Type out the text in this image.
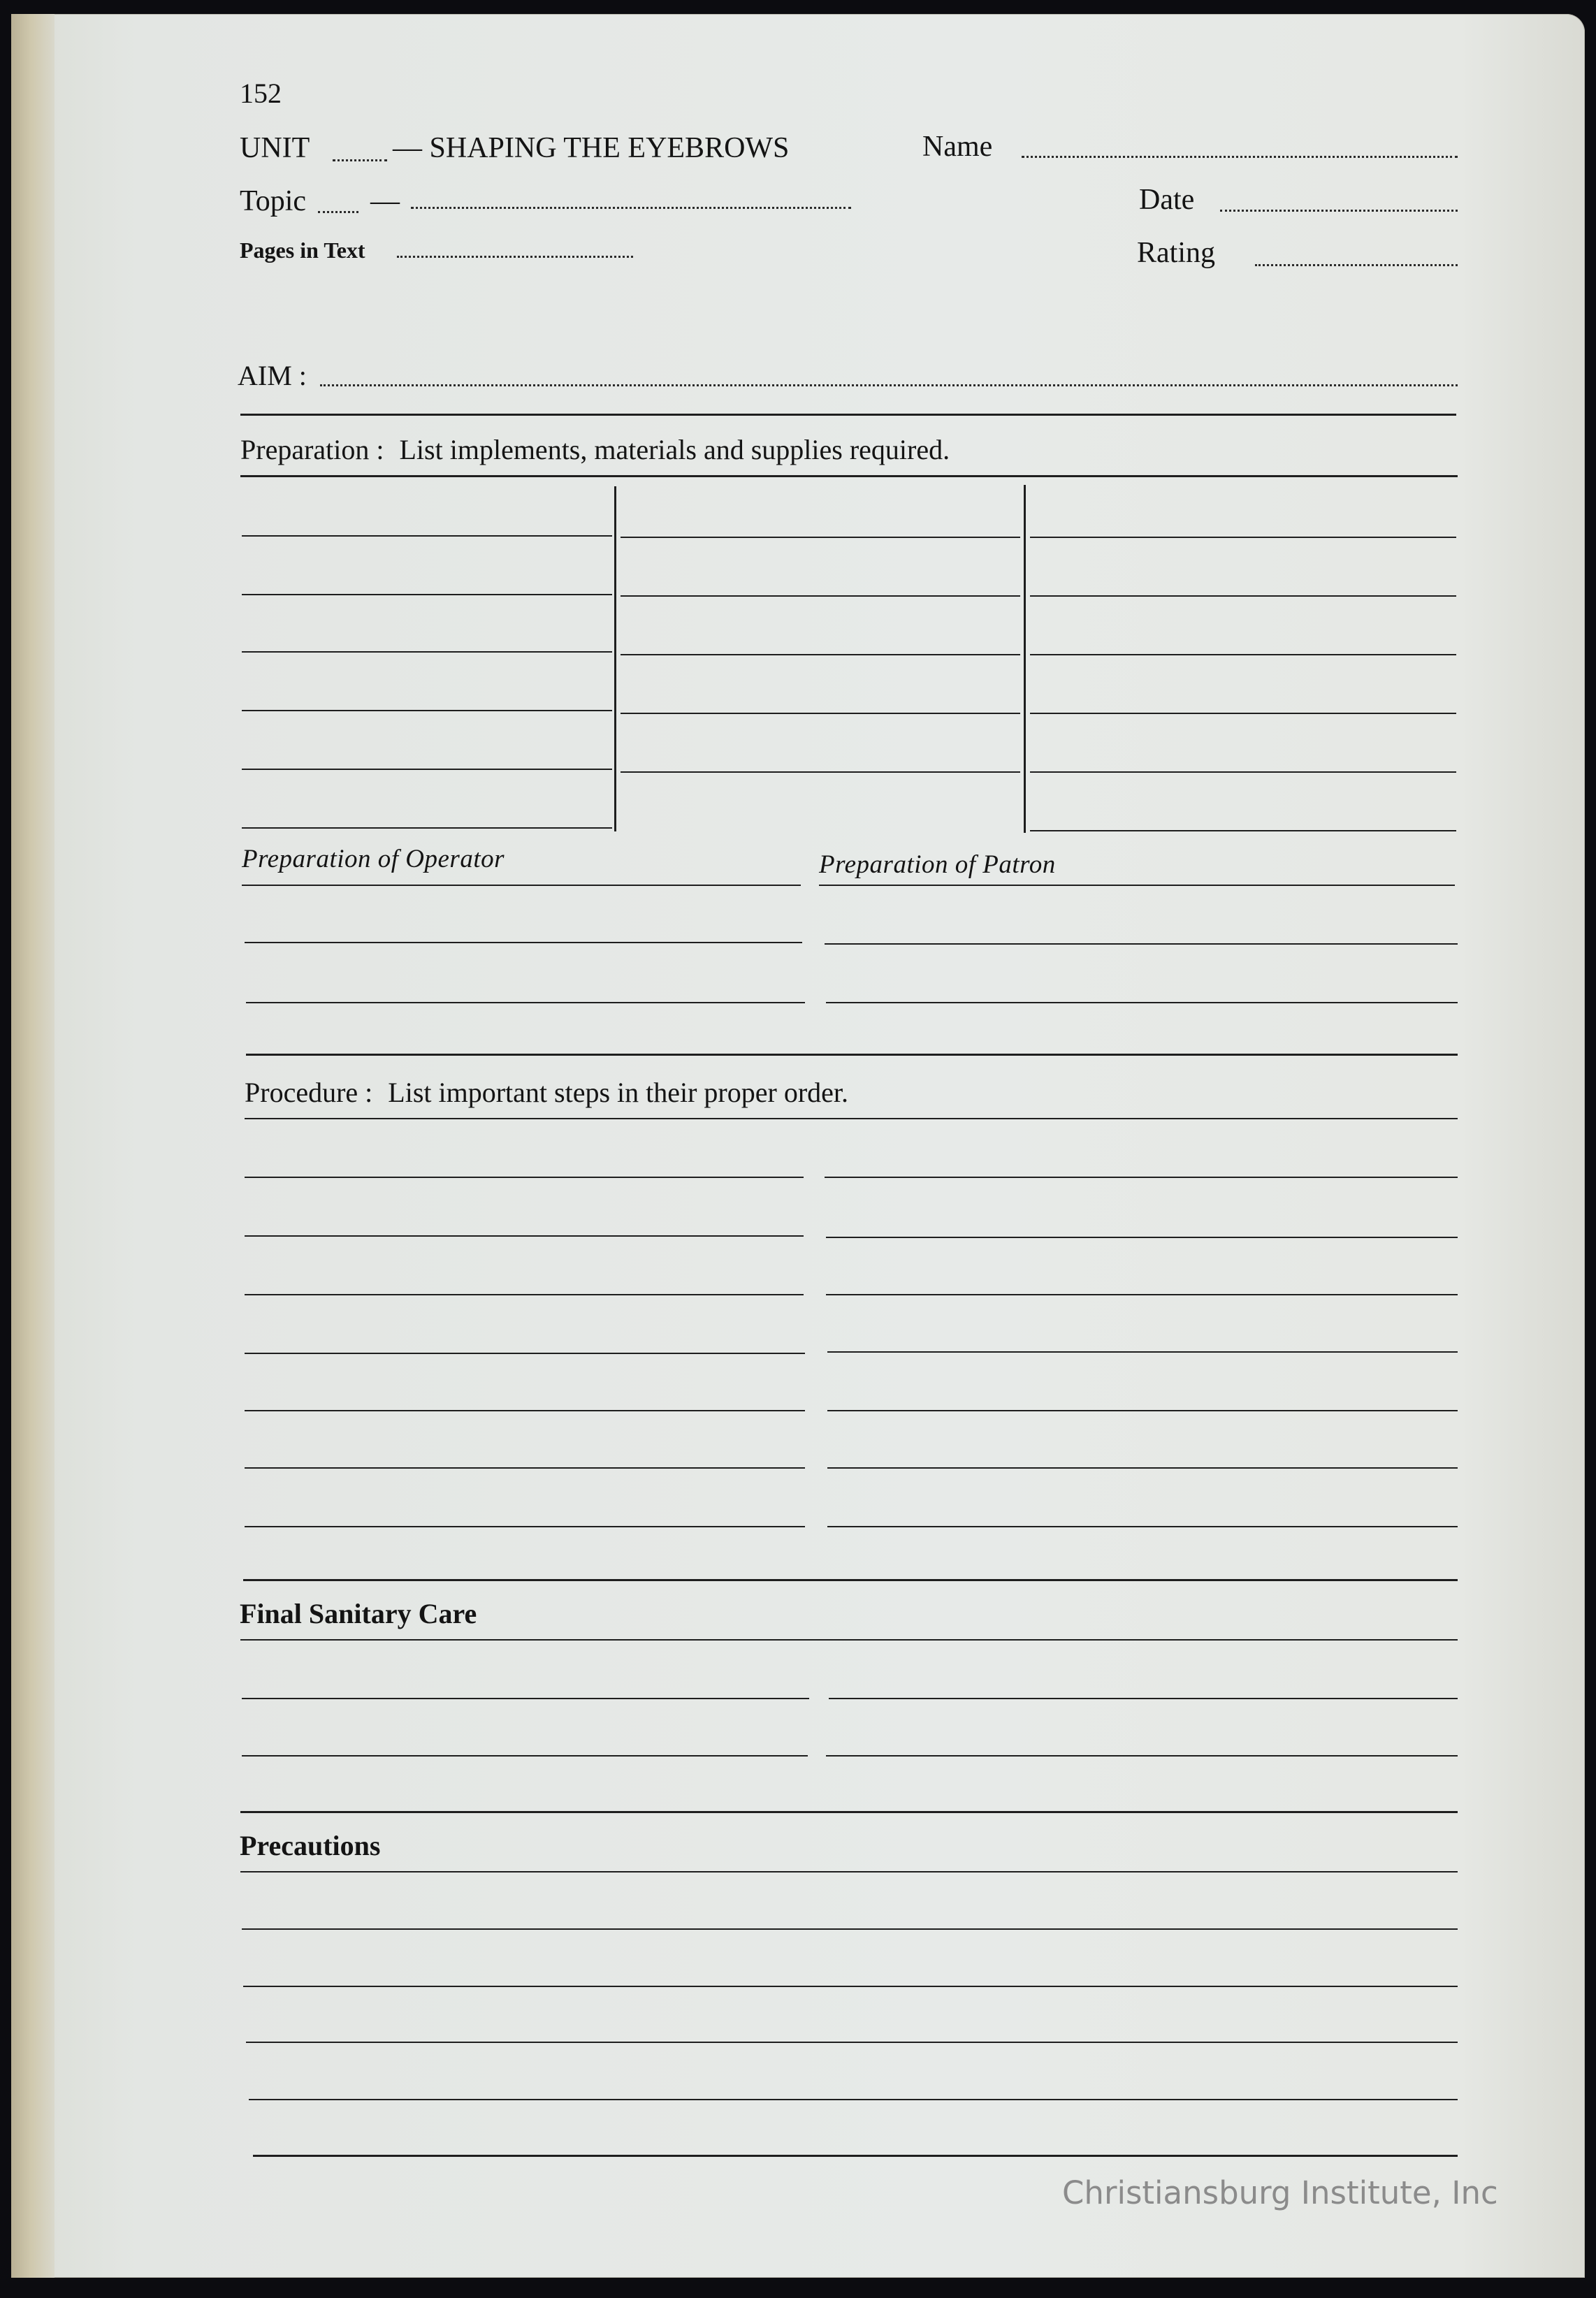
152
UNIT	— SHAPING THE EYEBROWS	Name
Topic —	Date
Pages in Text	Rating
AIM :
Preparation : List implements, materials and supplies required.
Preparation of Operator	Preparation of Patron
Procedure : List important steps in their proper order.
Final Sanitary Care
Precautions
Christiansburg Institute, Inc
